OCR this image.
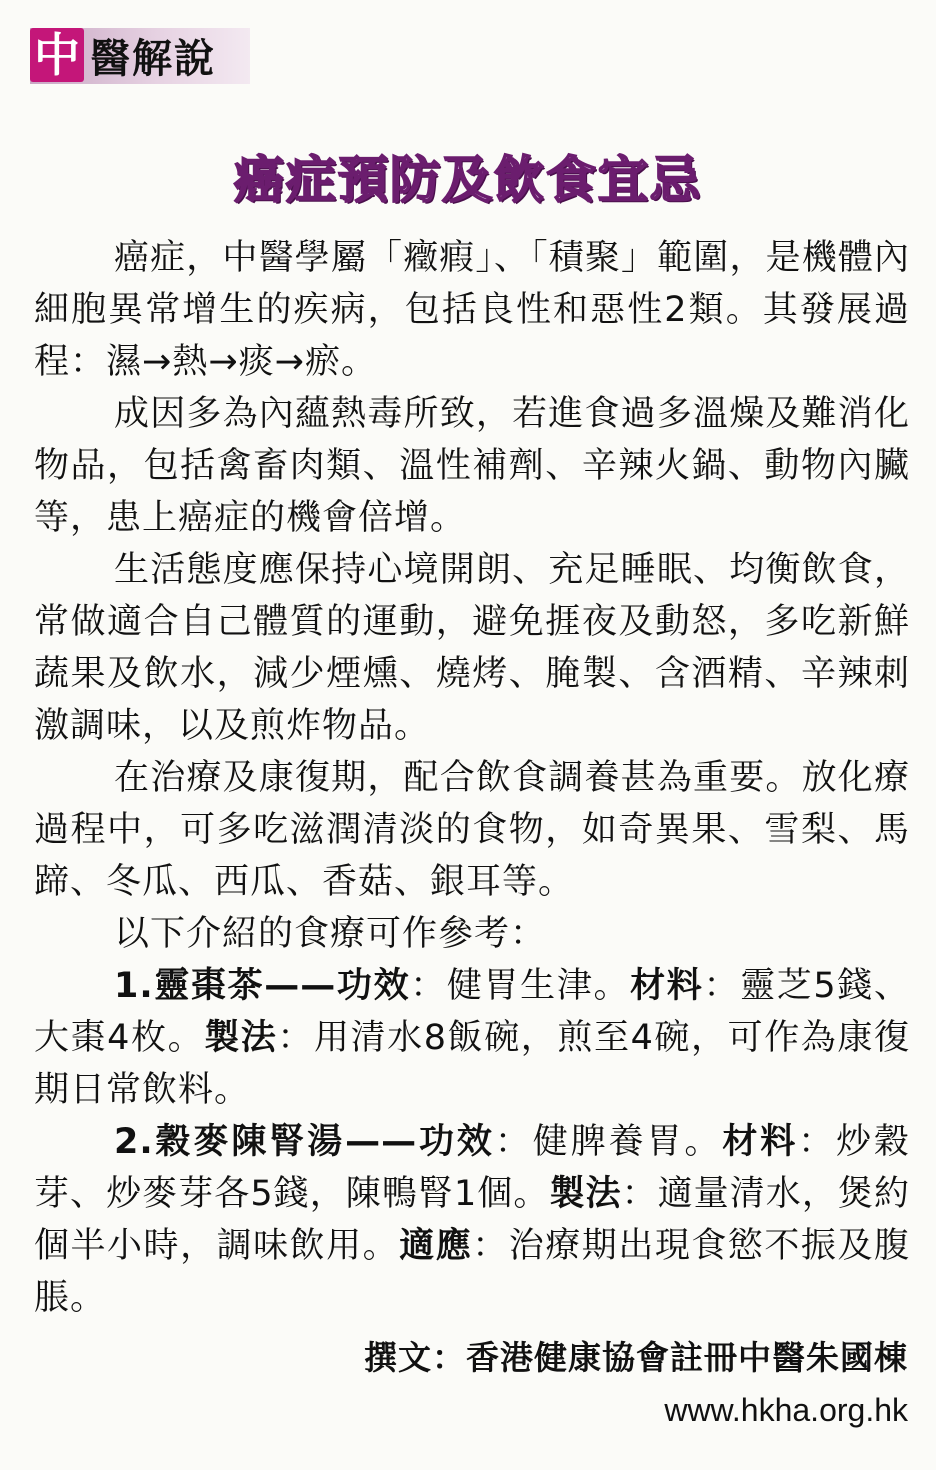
中 醫解說
癌症預防及飲食宜忌

癌症，中醫學屬「癥瘕」、「積聚」範圍，是機體內細胞異常增生的疾病，包括良性和惡性2類。其發展過程：濕→熱→痰→瘀。

成因多為內蘊熱毒所致，若進食過多溫燥及難消化物品，包括禽畜肉類、溫性補劑、辛辣火鍋、動物內臟等，患上癌症的機會倍增。

生活態度應保持心境開朗、充足睡眠、均衡飲食，常做適合自己體質的運動，避免捱夜及動怒，多吃新鮮蔬果及飲水，減少煙燻、燒烤、腌製、含酒精、辛辣刺激調味，以及煎炸物品。

在治療及康復期，配合飲食調養甚為重要。放化療過程中，可多吃滋潤清淡的食物，如奇異果、雪梨、馬蹄、冬瓜、西瓜、香菇、銀耳等。

以下介紹的食療可作參考：

1.靈棗茶——功效：健胃生津。材料：靈芝5錢、大棗4枚。製法：用清水8飯碗，煎至4碗，可作為康復期日常飲料。

2.穀麥陳腎湯——功效：健脾養胃。材料：炒穀芽、炒麥芽各5錢，陳鴨腎1個。製法：適量清水，煲約個半小時，調味飲用。適應：治療期出現食慾不振及腹脹。

撰文：香港健康協會註冊中醫朱國棟
www.hkha.org.hk
